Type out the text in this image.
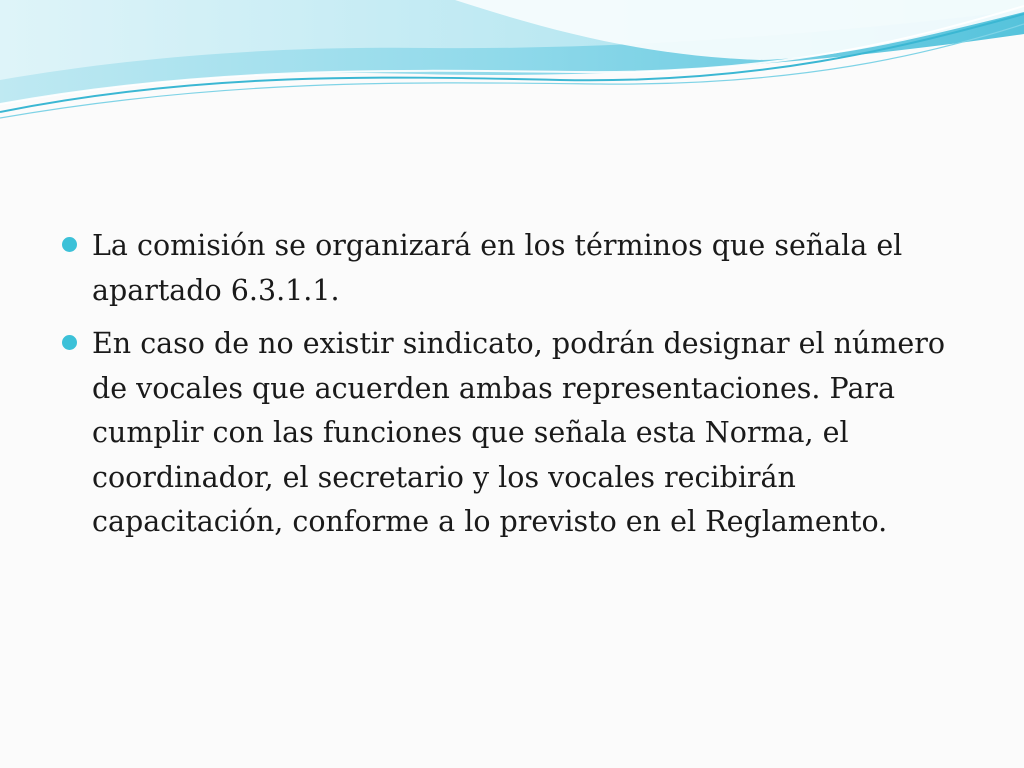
La comisión se organizará en los términos que señala el apartado 6.3.1.1.
En caso de no existir sindicato, podrán designar el número de vocales que acuerden ambas representaciones. Para cumplir con las funciones que señala esta Norma, el coordinador, el secretario y los vocales recibirán capacitación, conforme a lo previsto en el Reglamento.
